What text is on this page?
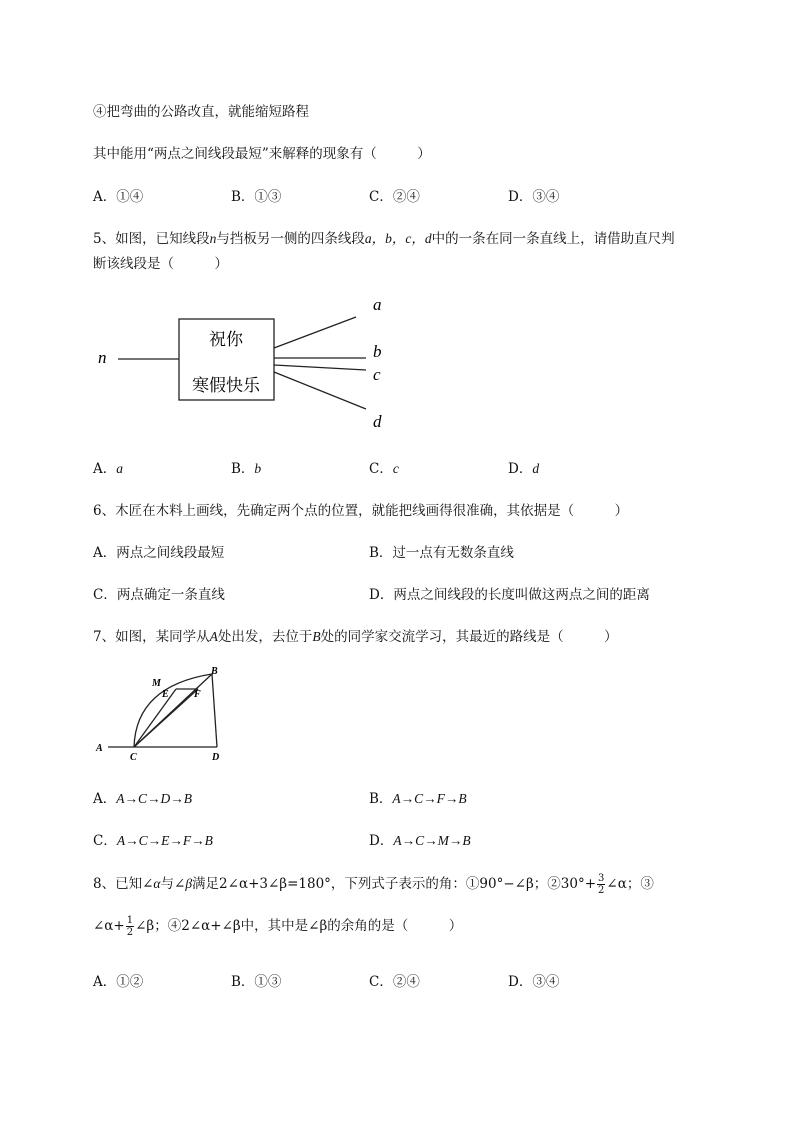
④把弯曲的公路改直，就能缩短路程
其中能用“两点之间线段最短”来解释的现象有（　　　）
A．①④	B．①③	C．②④	D．③④
5、如图，已知线段n与挡板另一侧的四条线段a，b，c，d中的一条在同一条直线上，请借助直尺判
断该线段是（　　　）
n
祝你
寒假快乐
a
b
c
d
A．a	B．b	C．c	D．d
6、木匠在木料上画线，先确定两个点的位置，就能把线画得很准确，其依据是（　　　）
A．两点之间线段最短	B．过一点有无数条直线
C．两点确定一条直线	D．两点之间线段的长度叫做这两点之间的距离
7、如图，某同学从A处出发，去位于B处的同学家交流学习，其最近的路线是（　　　）
M
B
E	F
A
C	D
A．A→C→D→B	B．A→C→F→B
C．A→C→E→F→B	D．A→C→M→B
8、已知∠α与∠β满足2∠α+3∠β=180°，下列式子表示的角：①90°−∠β；②30°+ $\frac{3}{2}$ ∠α；③
∠α+ $\frac{1}{2}$ ∠β；④2∠α+∠β中，其中是∠β的余角的是（　　　）
A．①②	B．①③	C．②④	D．③④
